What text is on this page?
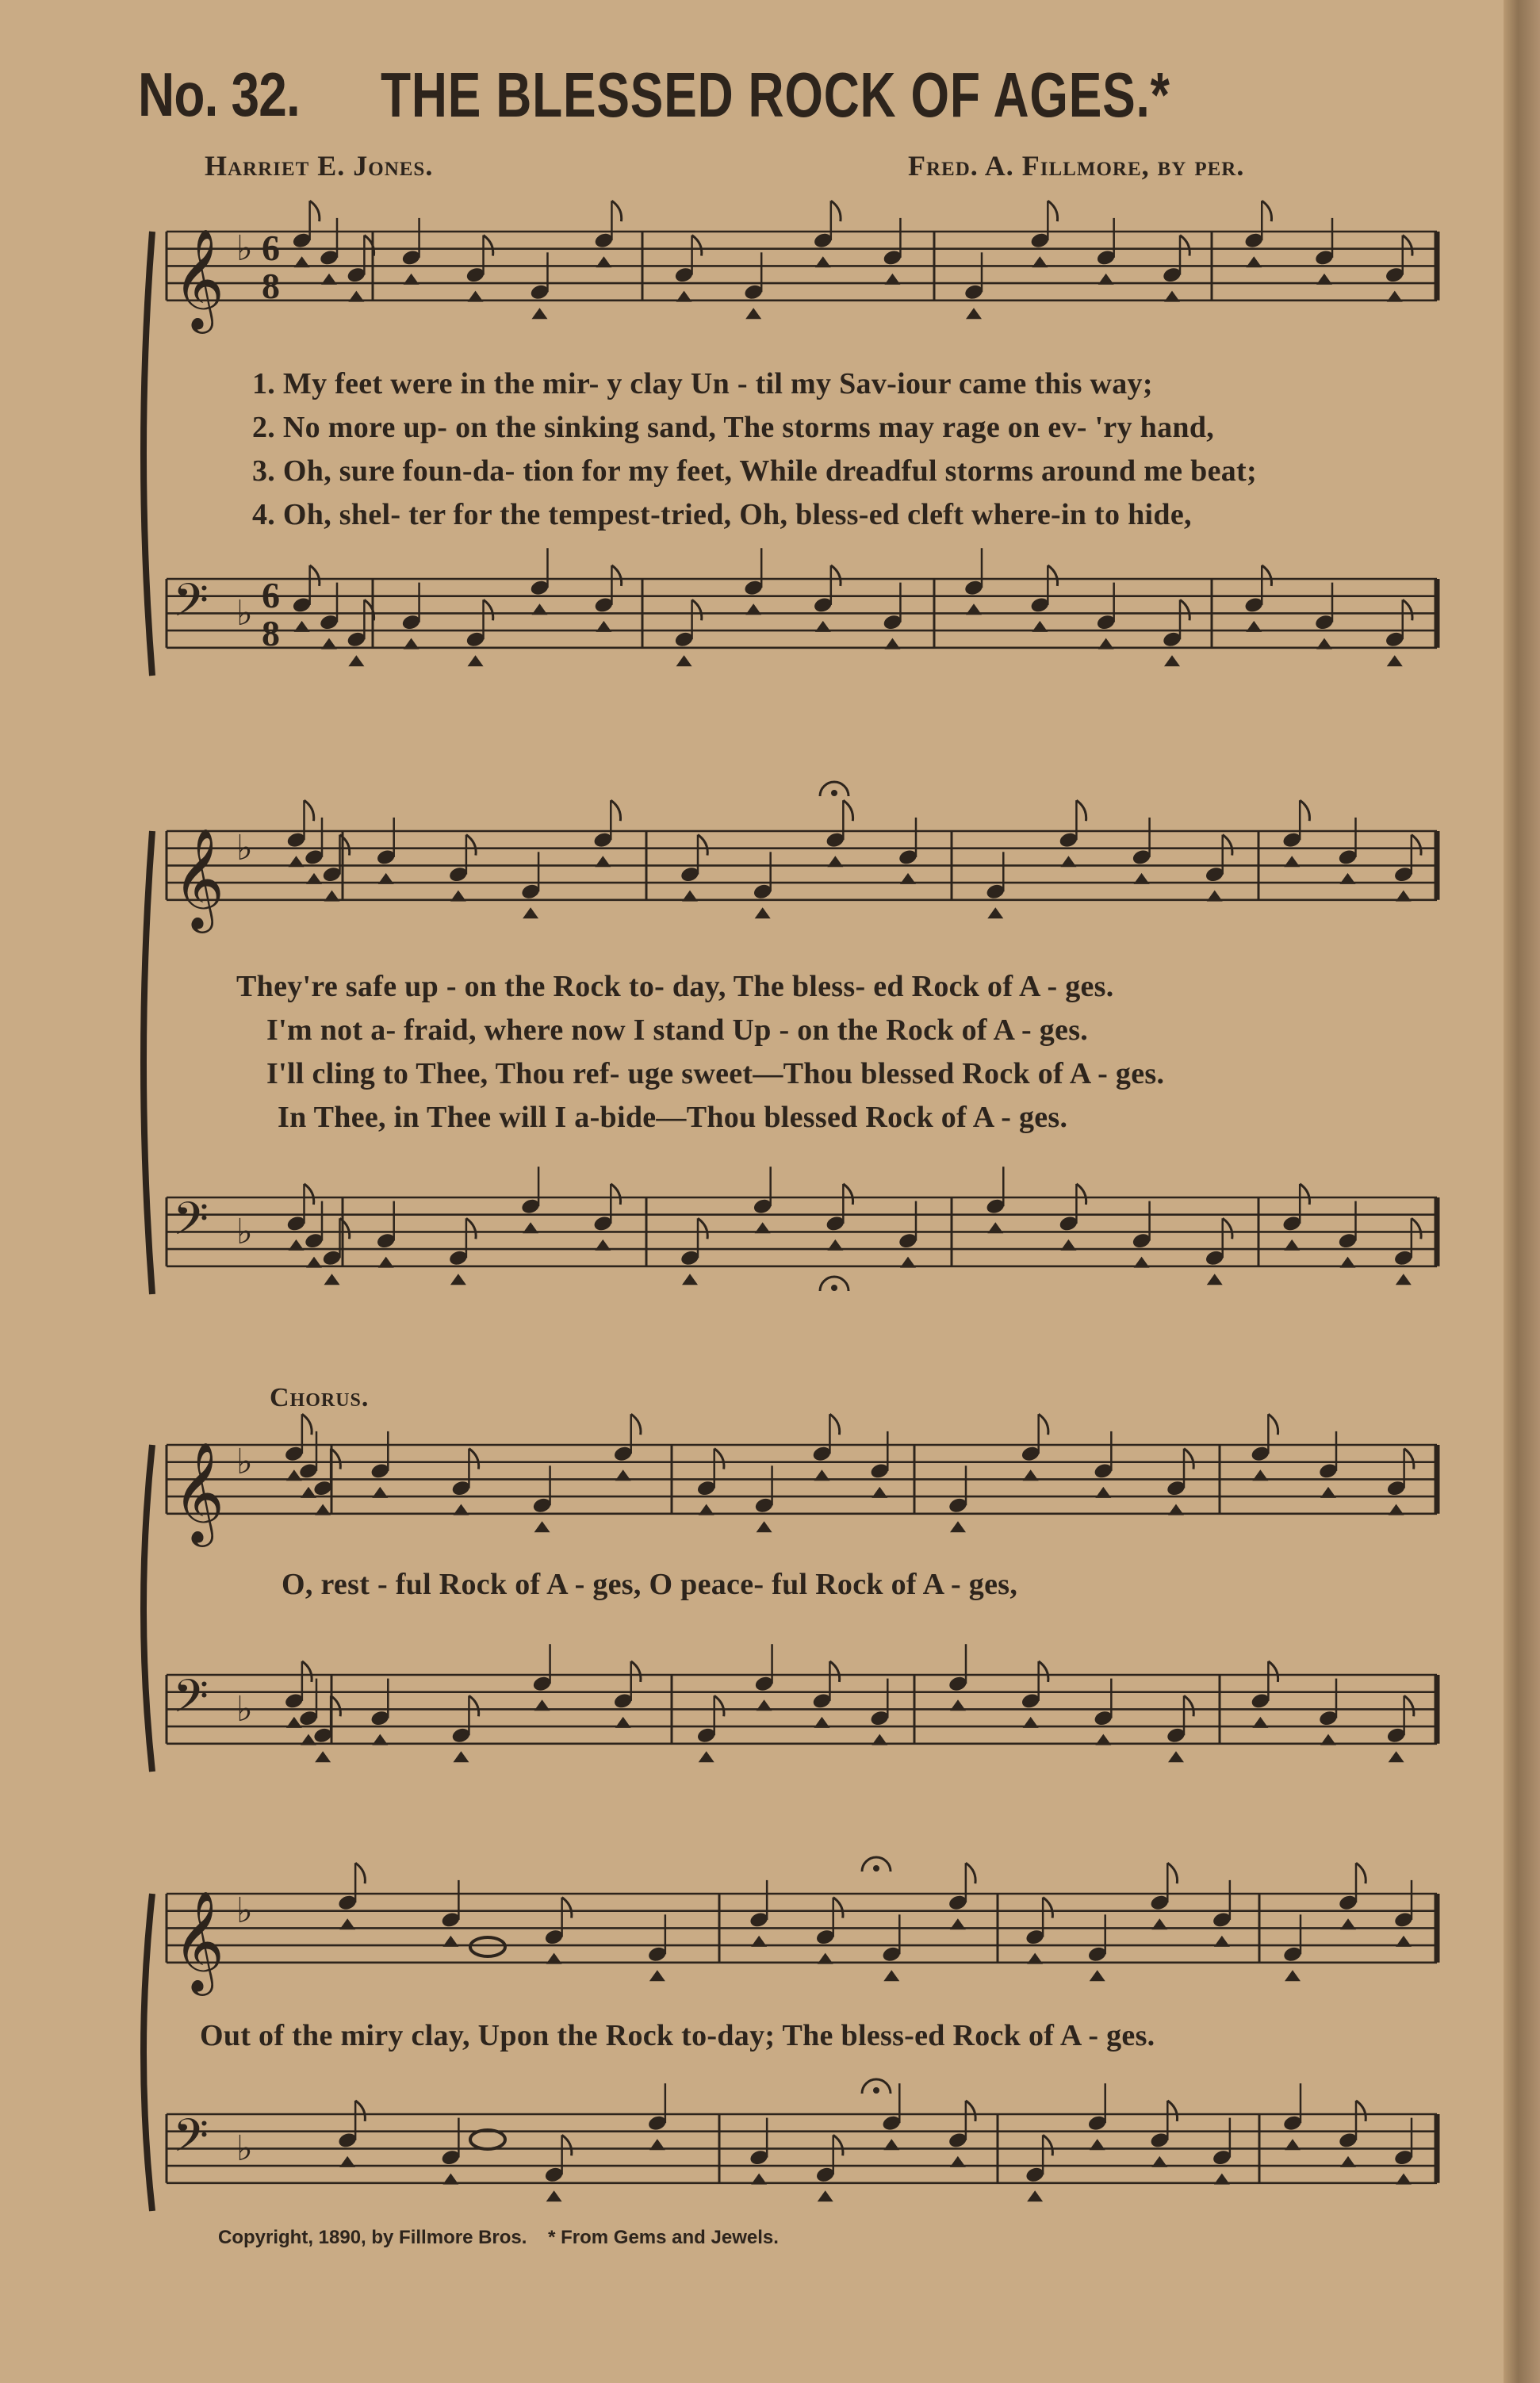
No. 32. THE BLESSED ROCK OF AGES.*
Harriet E. Jones.	Fred. A. Fillmore, by per.
1. My feet were in the mir- y clay Un - til my Sav-iour came this way;
2. No more up- on the sinking sand, The storms may rage on ev- 'ry hand,
3. Oh, sure foun-da- tion for my feet, While dreadful storms around me beat;
4. Oh, shel- ter for the tempest-tried, Oh, bless-ed cleft where-in to hide,
They're safe up - on the Rock to- day, The bless- ed Rock of A - ges.
I'm not a- fraid, where now I stand Up - on the Rock of A - ges.
I'll cling to Thee, Thou ref- uge sweet—Thou blessed Rock of A - ges.
In Thee, in Thee will I a-bide—Thou blessed Rock of A - ges.
Chorus.
O, rest - ful Rock of A - ges, O peace- ful Rock of A - ges,
Out of the miry clay, Upon the Rock to-day; The bless-ed Rock of A - ges.
Copyright, 1890, by Fillmore Bros. * From Gems and Jewels.
𝄞 ♭
𝄢 ♭
𝄞 ♭
𝄢 ♭
𝄞 ♭
𝄢 ♭
𝄞 ♭
𝄢 ♭
6
8
6
8
